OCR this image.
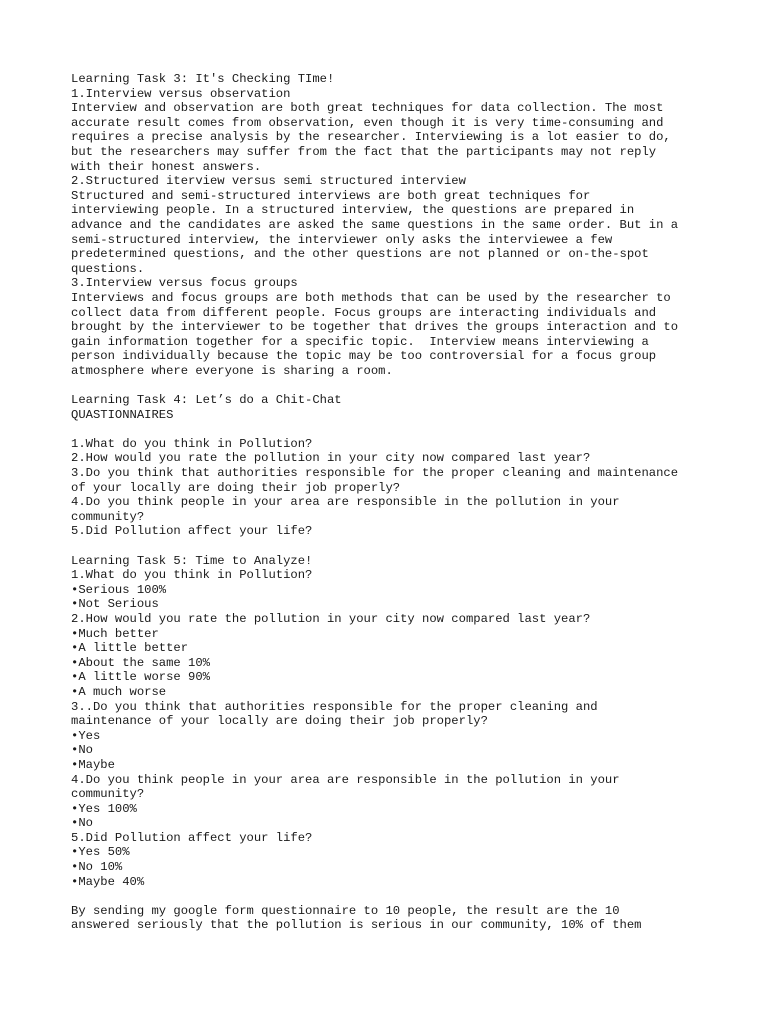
Learning Task 3: It's Checking TIme!
1.Interview versus observation
Interview and observation are both great techniques for data collection. The most
accurate result comes from observation, even though it is very time-consuming and
requires a precise analysis by the researcher. Interviewing is a lot easier to do,
but the researchers may suffer from the fact that the participants may not reply
with their honest answers.
2.Structured iterview versus semi structured interview
Structured and semi-structured interviews are both great techniques for
interviewing people. In a structured interview, the questions are prepared in
advance and the candidates are asked the same questions in the same order. But in a
semi-structured interview, the interviewer only asks the interviewee a few
predetermined questions, and the other questions are not planned or on-the-spot
questions.
3.Interview versus focus groups
Interviews and focus groups are both methods that can be used by the researcher to
collect data from different people. Focus groups are interacting individuals and
brought by the interviewer to be together that drives the groups interaction and to
gain information together for a specific topic.  Interview means interviewing a
person individually because the topic may be too controversial for a focus group
atmosphere where everyone is sharing a room.
Learning Task 4: Let’s do a Chit-Chat
QUASTIONNAIRES
1.What do you think in Pollution?
2.How would you rate the pollution in your city now compared last year?
3.Do you think that authorities responsible for the proper cleaning and maintenance
of your locally are doing their job properly?
4.Do you think people in your area are responsible in the pollution in your
community?
5.Did Pollution affect your life?
Learning Task 5: Time to Analyze!
1.What do you think in Pollution?
•Serious 100%
•Not Serious
2.How would you rate the pollution in your city now compared last year?
•Much better
•A little better
•About the same 10%
•A little worse 90%
•A much worse
3..Do you think that authorities responsible for the proper cleaning and
maintenance of your locally are doing their job properly?
•Yes
•No
•Maybe
4.Do you think people in your area are responsible in the pollution in your
community?
•Yes 100%
•No
5.Did Pollution affect your life?
•Yes 50%
•No 10%
•Maybe 40%
By sending my google form questionnaire to 10 people, the result are the 10
answered seriously that the pollution is serious in our community, 10% of them
